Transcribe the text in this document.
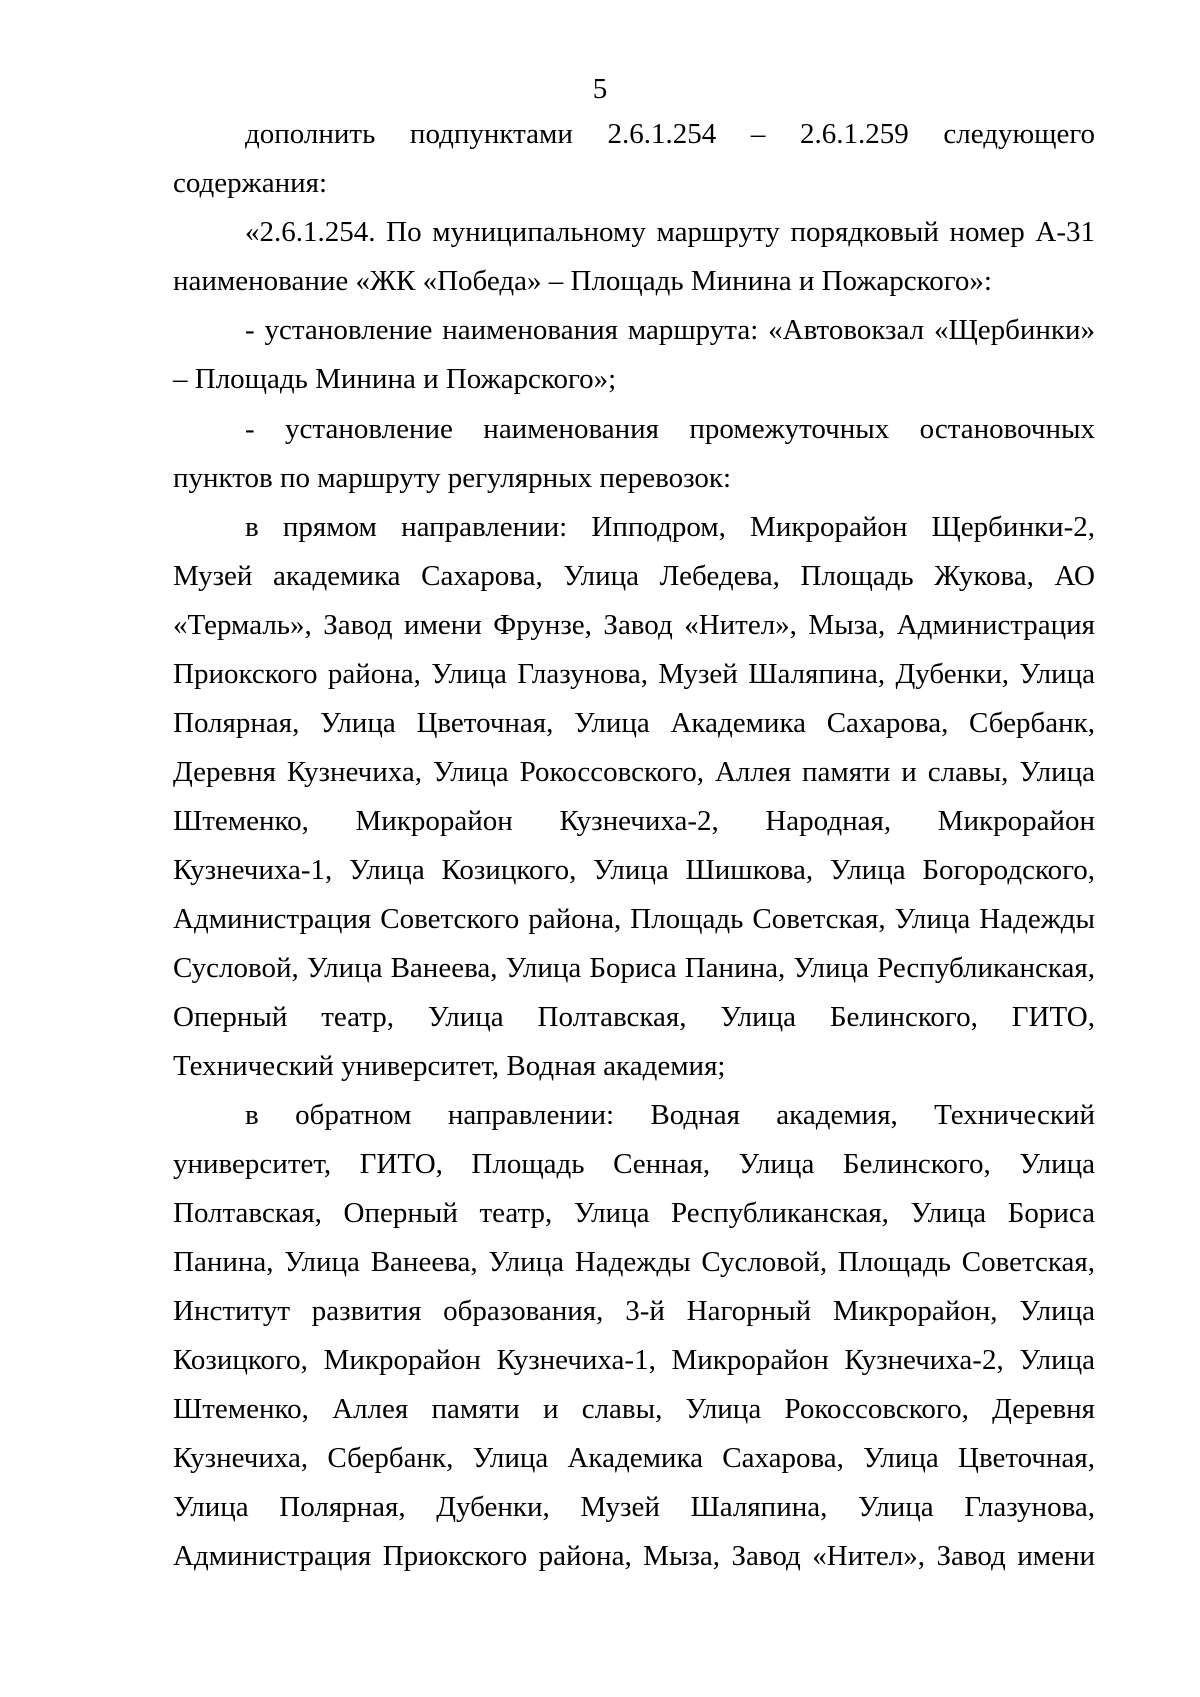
5

дополнить подпунктами 2.6.1.254 – 2.6.1.259 следующего содержания:

«2.6.1.254. По муниципальному маршруту порядковый номер А-31 наименование «ЖК «Победа» – Площадь Минина и Пожарского»:

- установление наименования маршрута: «Автовокзал «Щербинки» – Площадь Минина и Пожарского»;

- установление наименования промежуточных остановочных пунктов по маршруту регулярных перевозок:

в прямом направлении: Ипподром, Микрорайон Щербинки-2, Музей академика Сахарова, Улица Лебедева, Площадь Жукова, АО «Термаль», Завод имени Фрунзе, Завод «Нител», Мыза, Администрация Приокского района, Улица Глазунова, Музей Шаляпина, Дубенки, Улица Полярная, Улица Цветочная, Улица Академика Сахарова, Сбербанк, Деревня Кузнечиха, Улица Рокоссовского, Аллея памяти и славы, Улица Штеменко, Микрорайон Кузнечиха-2, Народная, Микрорайон Кузнечиха-1, Улица Козицкого, Улица Шишкова, Улица Богородского, Администрация Советского района, Площадь Советская, Улица Надежды Сусловой, Улица Ванеева, Улица Бориса Панина, Улица Республиканская, Оперный театр, Улица Полтавская, Улица Белинского, ГИТО, Технический университет, Водная академия;

в обратном направлении: Водная академия, Технический университет, ГИТО, Площадь Сенная, Улица Белинского, Улица Полтавская, Оперный театр, Улица Республиканская, Улица Бориса Панина, Улица Ванеева, Улица Надежды Сусловой, Площадь Советская, Институт развития образования, 3-й Нагорный Микрорайон, Улица Козицкого, Микрорайон Кузнечиха-1, Микрорайон Кузнечиха-2, Улица Штеменко, Аллея памяти и славы, Улица Рокоссовского, Деревня Кузнечиха, Сбербанк, Улица Академика Сахарова, Улица Цветочная, Улица Полярная, Дубенки, Музей Шаляпина, Улица Глазунова, Администрация Приокского района, Мыза, Завод «Нител», Завод имени
